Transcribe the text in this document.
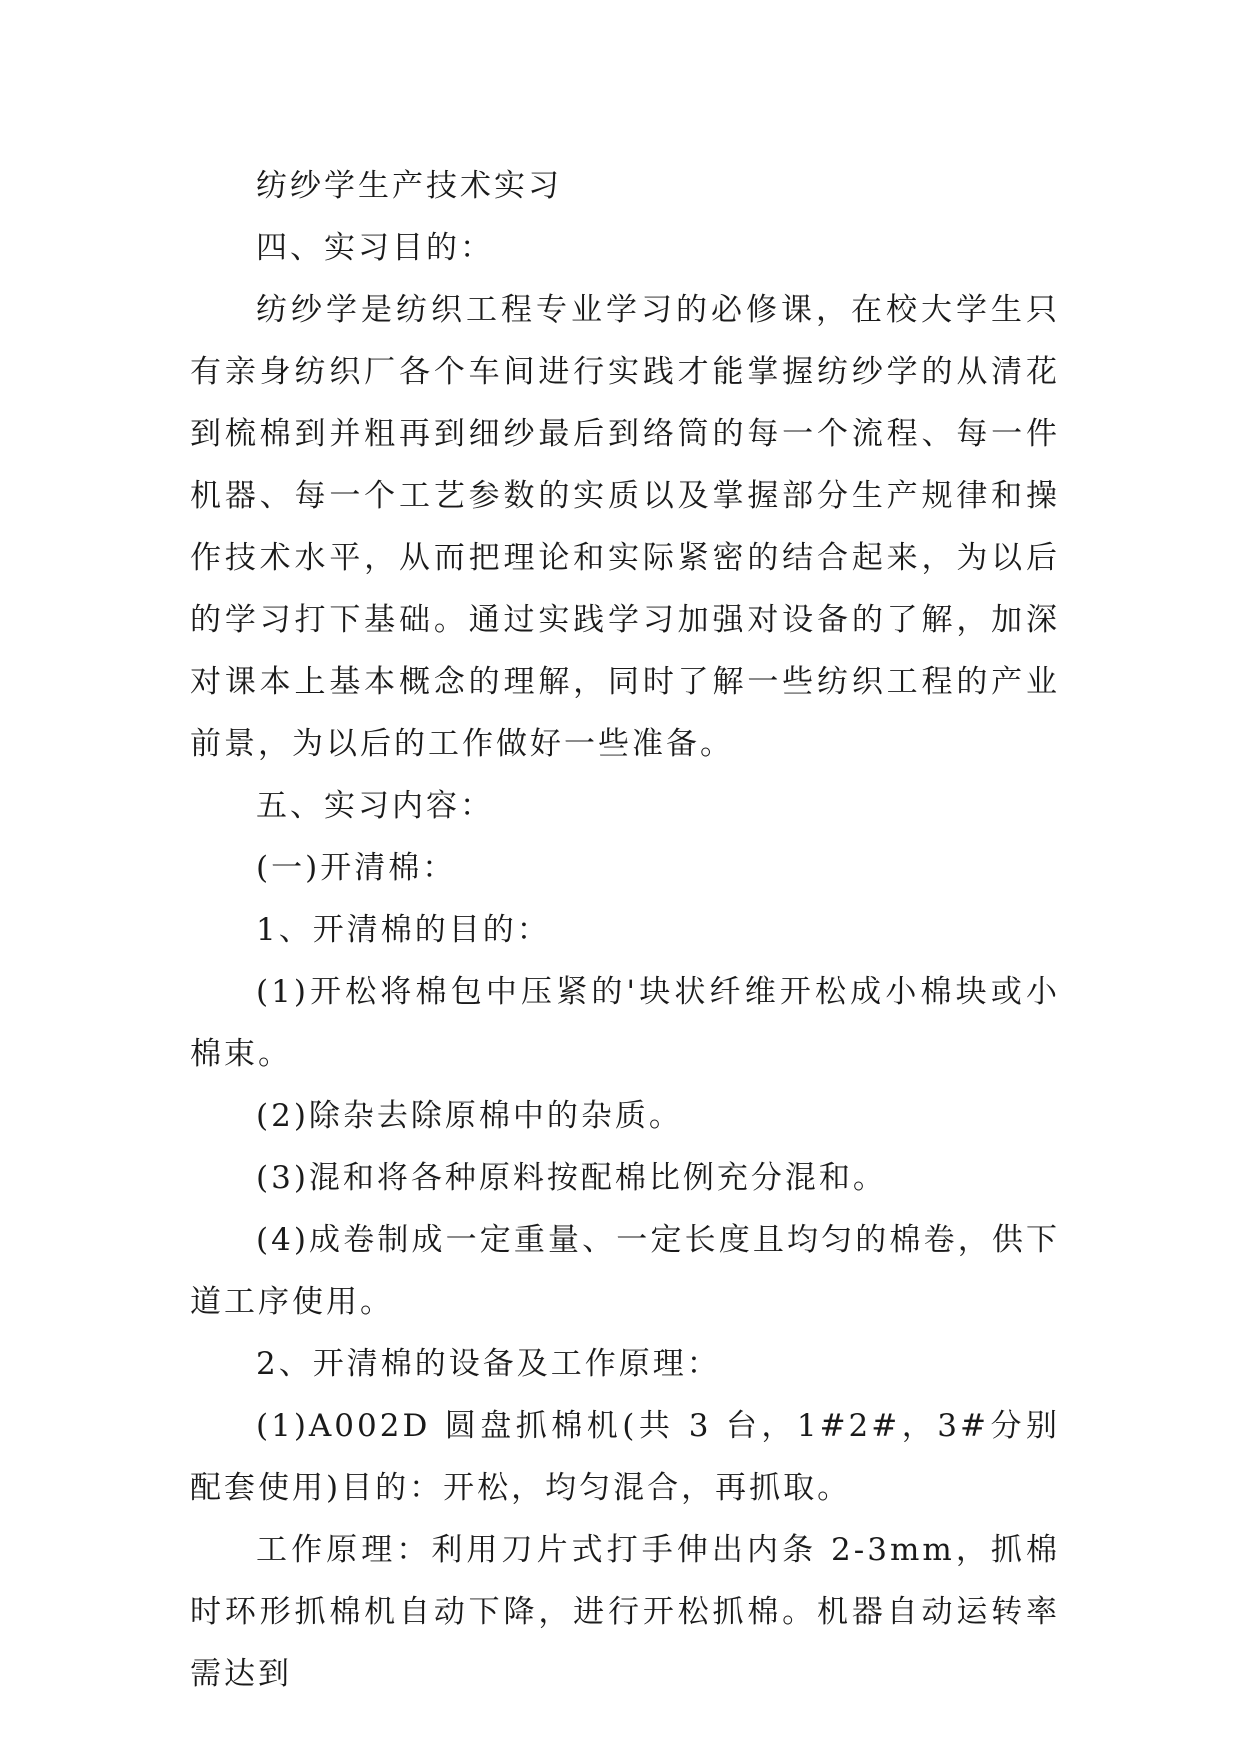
纺纱学生产技术实习

四、实习目的：

纺纱学是纺织工程专业学习的必修课，在校大学生只有亲身纺织厂各个车间进行实践才能掌握纺纱学的从清花到梳棉到并粗再到细纱最后到络筒的每一个流程、每一件机器、每一个工艺参数的实质以及掌握部分生产规律和操作技术水平，从而把理论和实际紧密的结合起来，为以后的学习打下基础。通过实践学习加强对设备的了解，加深对课本上基本概念的理解，同时了解一些纺织工程的产业前景，为以后的工作做好一些准备。

五、实习内容：

(一)开清棉：

1、开清棉的目的：

(1)开松将棉包中压紧的'块状纤维开松成小棉块或小棉束。

(2)除杂去除原棉中的杂质。

(3)混和将各种原料按配棉比例充分混和。

(4)成卷制成一定重量、一定长度且均匀的棉卷，供下道工序使用。

2、开清棉的设备及工作原理：

(1)A002D 圆盘抓棉机(共 3 台，1#2#，3#分别配套使用)目的：开松，均匀混合，再抓取。

工作原理：利用刀片式打手伸出内条 2-3mm，抓棉时环形抓棉机自动下降，进行开松抓棉。机器自动运转率需达到
